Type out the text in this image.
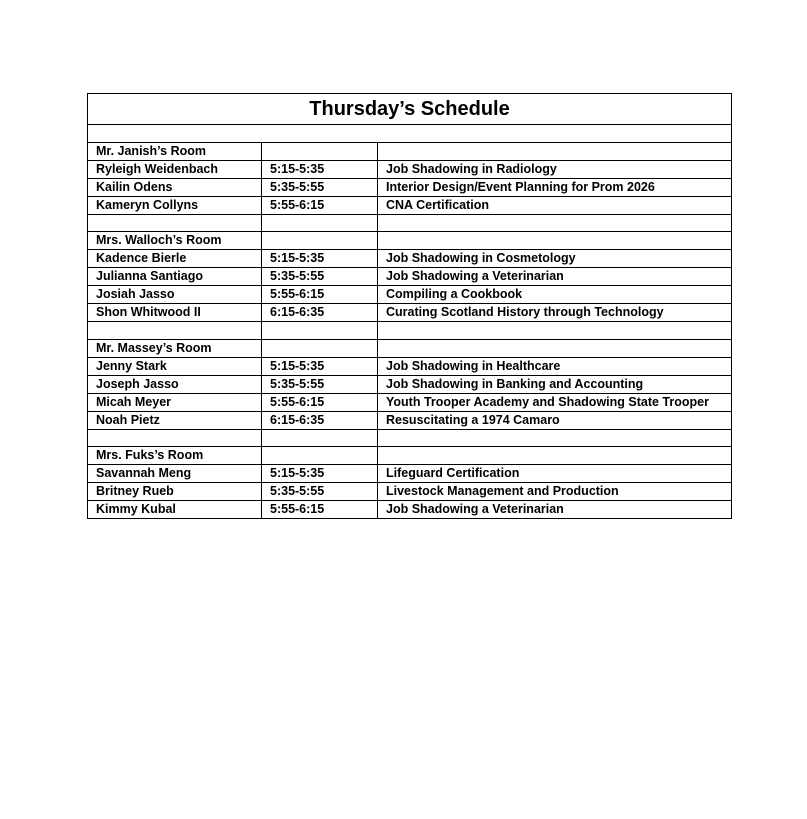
Thursday’s Schedule		

Mr. Janish’s Room		
Ryleigh Weidenbach	5:15-5:35	Job Shadowing in Radiology
Kailin Odens	5:35-5:55	Interior Design/Event Planning for Prom 2026
Kameryn Collyns	5:55-6:15	CNA Certification

Mrs. Walloch’s Room		
Kadence Bierle	5:15-5:35	Job Shadowing in Cosmetology
Julianna Santiago	5:35-5:55	Job Shadowing a Veterinarian
Josiah Jasso	5:55-6:15	Compiling a Cookbook
Shon Whitwood II	6:15-6:35	Curating Scotland History through Technology

Mr. Massey’s Room		
Jenny Stark	5:15-5:35	Job Shadowing in Healthcare
Joseph Jasso	5:35-5:55	Job Shadowing in Banking and Accounting
Micah Meyer	5:55-6:15	Youth Trooper Academy and Shadowing State Trooper
Noah Pietz	6:15-6:35	Resuscitating a 1974 Camaro

Mrs. Fuks’s Room		
Savannah Meng	5:15-5:35	Lifeguard Certification
Britney Rueb	5:35-5:55	Livestock Management and Production
Kimmy Kubal	5:55-6:15	Job Shadowing a Veterinarian
